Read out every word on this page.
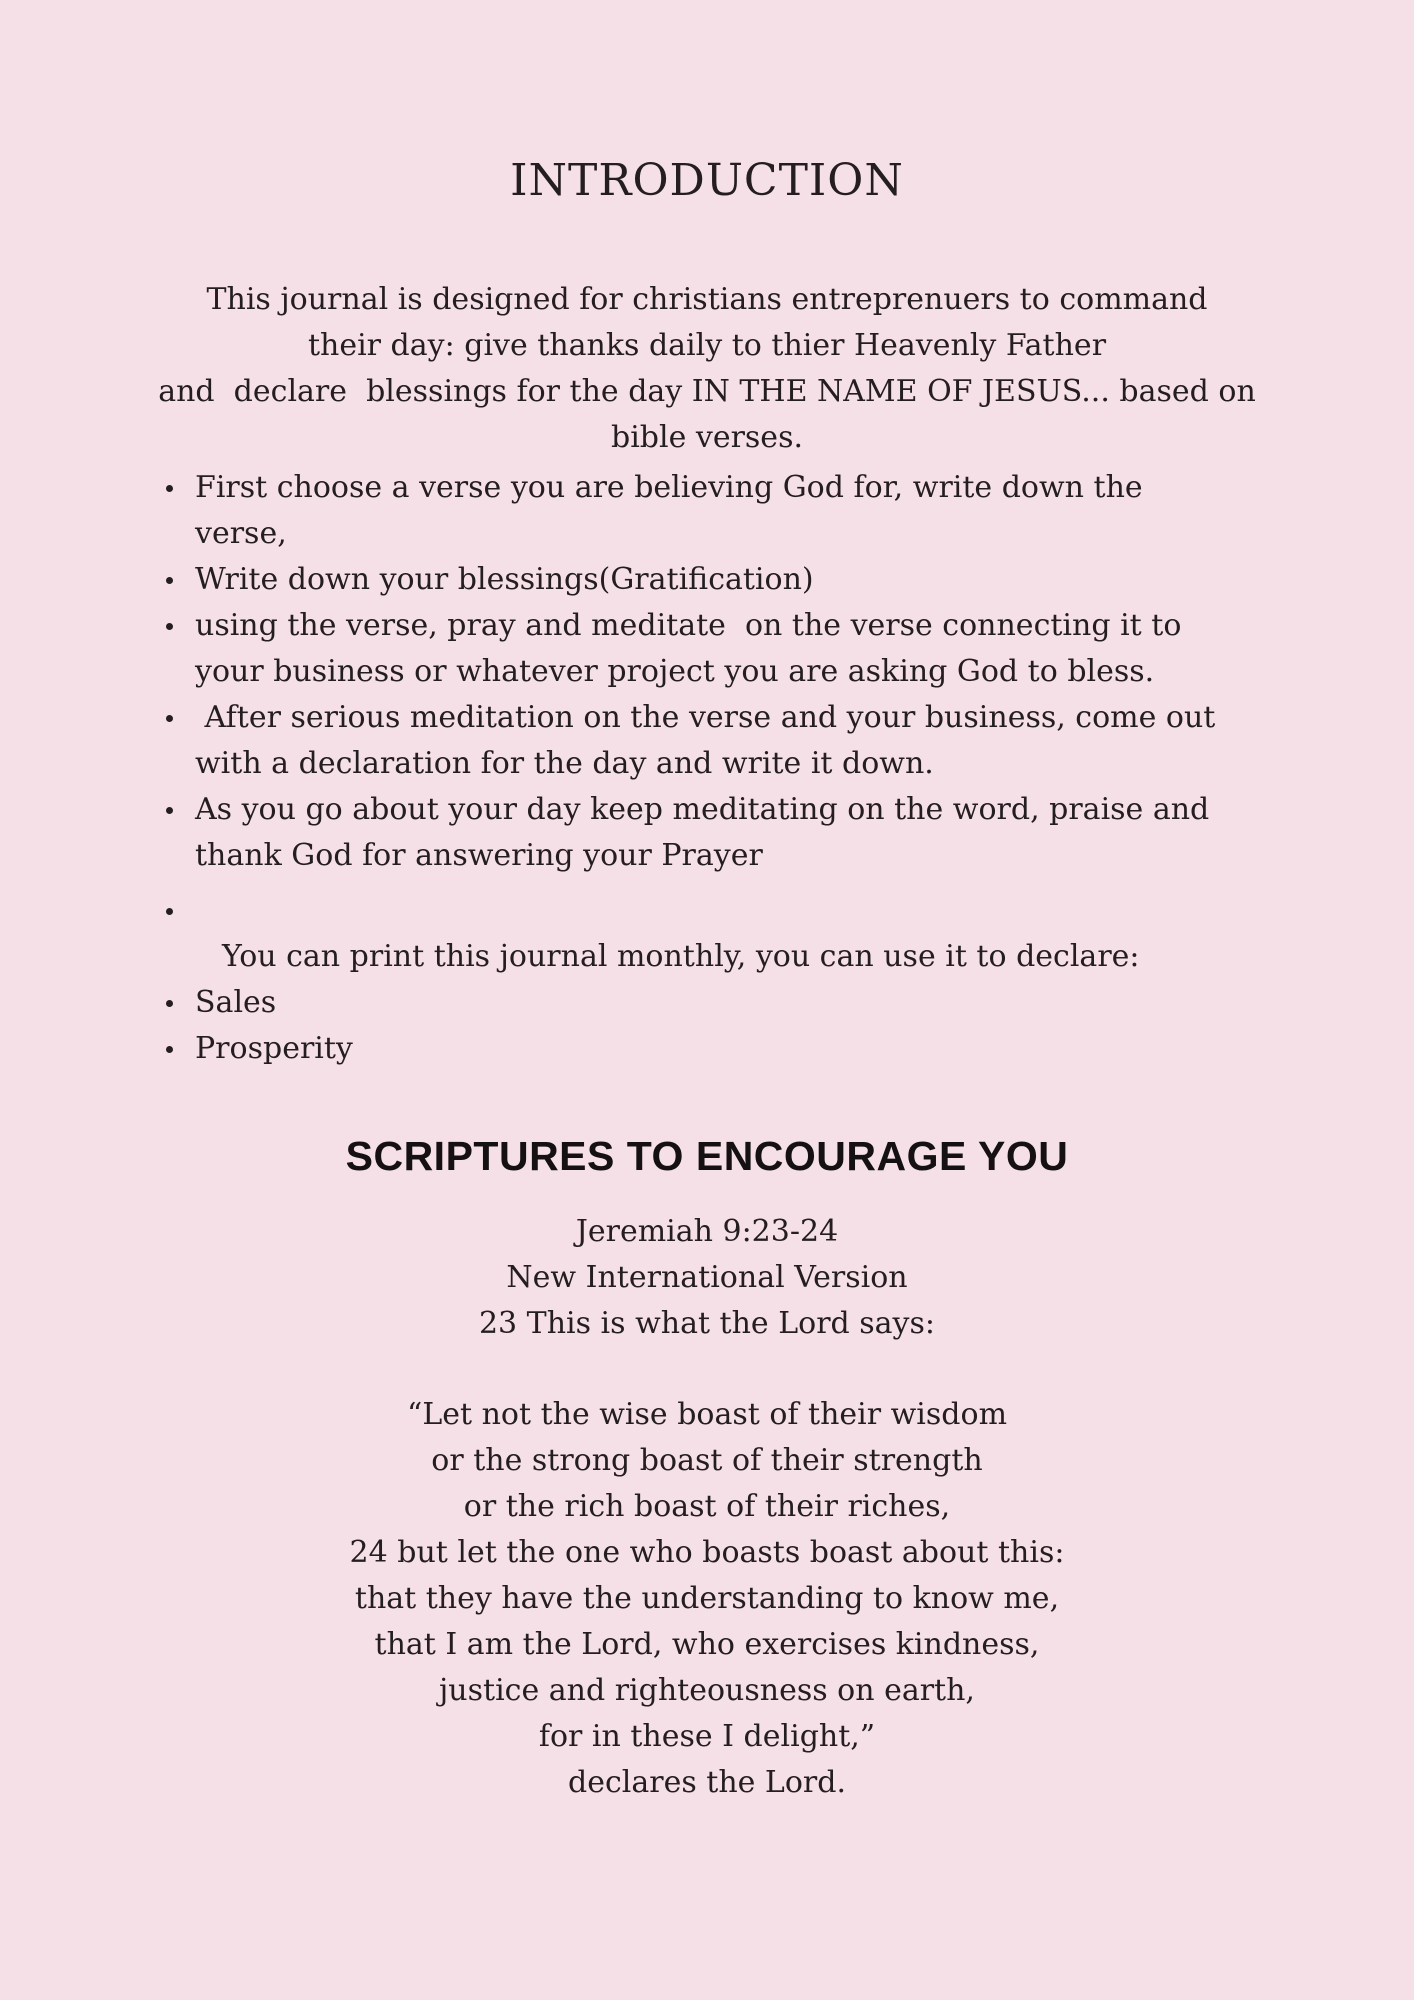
INTRODUCTION
This journal is designed for christians entreprenuers to command
their day: give thanks daily to thier Heavenly Father
and  declare  blessings for the day IN THE NAME OF JESUS... based on
bible verses.
First choose a verse you are believing God for, write down the
verse,
Write down your blessings(Gratification)
using the verse, pray and meditate  on the verse connecting it to
your business or whatever project you are asking God to bless.
After serious meditation on the verse and your business, come out
with a declaration for the day and write it down.
As you go about your day keep meditating on the word, praise and
thank God for answering your Prayer
You can print this journal monthly, you can use it to declare:
Sales
Prosperity
SCRIPTURES TO ENCOURAGE YOU
Jeremiah 9:23-24
New International Version
23 This is what the Lord says:
“Let not the wise boast of their wisdom
or the strong boast of their strength
or the rich boast of their riches,
24 but let the one who boasts boast about this:
that they have the understanding to know me,
that I am the Lord, who exercises kindness,
justice and righteousness on earth,
for in these I delight,”
declares the Lord.
